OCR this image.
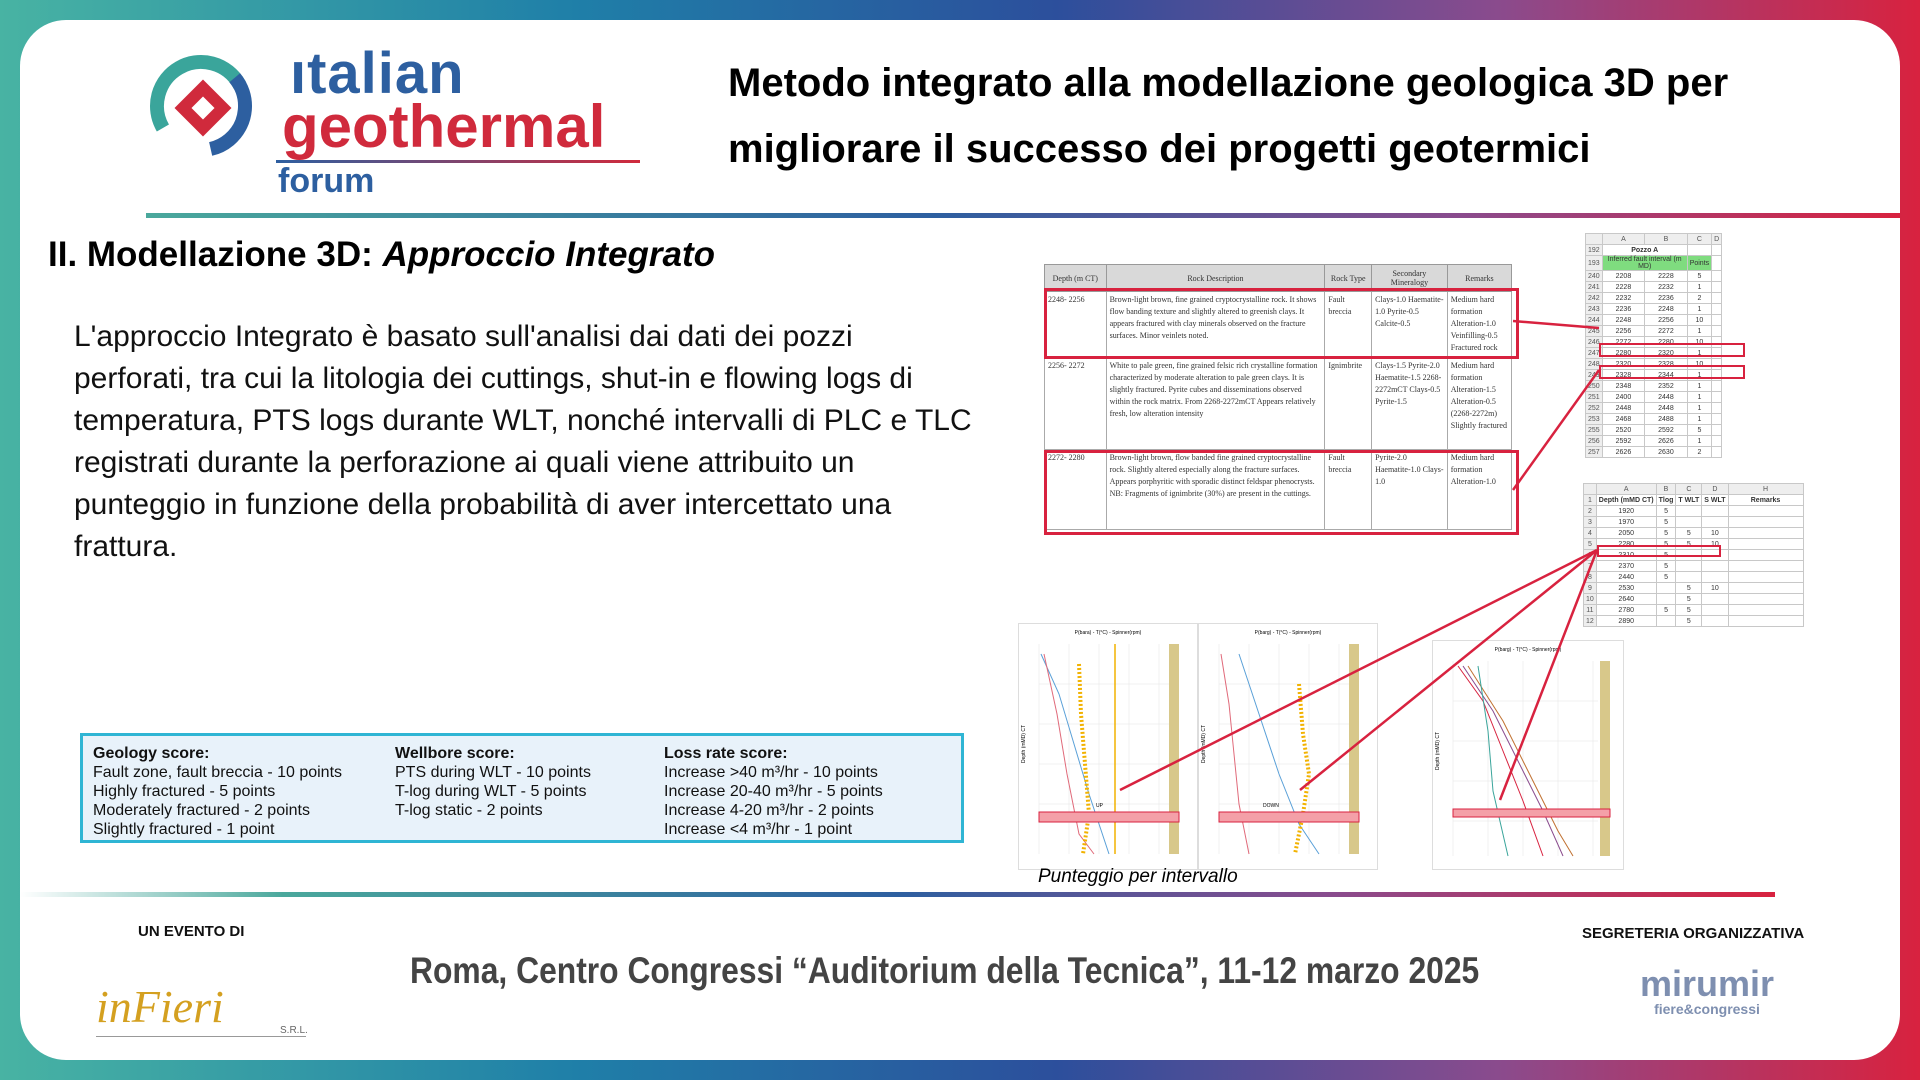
ıtalian
geothermal
forum
Metodo integrato alla modellazione geologica 3D per migliorare il successo dei progetti geotermici
II. Modellazione 3D: Approccio Integrato
L'approccio Integrato è basato sull'analisi dai dati dei pozzi perforati, tra cui la litologia dei cuttings, shut-in e flowing logs di temperatura, PTS logs durante WLT, nonché intervalli di PLC e TLC registrati durante la perforazione ai quali viene attribuito un punteggio in funzione della probabilità di aver intercettato una frattura.
Geology score:
Fault zone, fault breccia - 10 points
Highly fractured - 5 points
Moderately fractured - 2 points
Slightly fractured - 1 point
Wellbore score:
PTS during WLT - 10 points
T-log during WLT - 5 points
T-log static - 2 points
Loss rate score:
Increase >40 m³/hr - 10 points
Increase 20-40 m³/hr - 5 points
Increase 4-20 m³/hr - 2 points
Increase <4 m³/hr - 1 point
Depth (m CT)	Rock Description	Rock Type	Secondary Mineralogy	Remarks
2248- 2256	Brown-light brown, fine grained cryptocrystalline rock. It shows flow banding texture and slightly altered to greenish clays. It appears fractured with clay minerals observed on the fracture surfaces. Minor veinlets noted.	Fault breccia	Clays-1.0 Haematite-1.0 Pyrite-0.5 Calcite-0.5	Medium hard formation Alteration-1.0 Veinfilling-0.5 Fractured rock
2256- 2272	White to pale green, fine grained felsic rich crystalline formation characterized by moderate alteration to pale green clays. It is slightly fractured. Pyrite cubes and disseminations observed within the rock matrix. From 2268-2272mCT Appears relatively fresh, low alteration intensity	Ignimbrite	Clays-1.5 Pyrite-2.0 Haematite-1.5 2268-2272mCT Clays-0.5 Pyrite-1.5	Medium hard formation Alteration-1.5 Alteration-0.5 (2268-2272m) Slightly fractured
2272- 2280	Brown-light brown, flow banded fine grained cryptocrystalline rock. Slightly altered especially along the fracture surfaces. Appears porphyritic with sporadic distinct feldspar phenocrysts. NB: Fragments of ignimbrite (30%) are present in the cuttings.	Fault breccia	Pyrite-2.0 Haematite-1.0 Clays-1.0	Medium hard formation Alteration-1.0
	A	B	C	D
192	Pozzo A			
193	Inferred fault interval (m MD)		Points	
240	2208	2228	5	
241	2228	2232	1	
242	2232	2236	2	
243	2236	2248	1	
244	2248	2256	10	
245	2256	2272	1	
246	2272	2280	10	
247	2280	2320	1	
248	2320	2328	10	
249	2328	2344	1	
250	2348	2352	1	
251	2400	2448	1	
252	2448	2448	1	
253	2468	2488	1	
255	2520	2592	5	
256	2592	2626	1	
257	2626	2630	2	
	A	B	C	D	H
1	Depth (mMD CT)	Tlog	T WLT	S WLT	Remarks
2	1920	5			
3	1970	5			
4	2050	5	5	10	
5	2280	5	5	10	
6	2310	5			
7	2370	5			
8	2440	5			
9	2530		5	10	
10	2640		5		
11	2780	5	5		
12	2890		5		
P(bara) - T(°C) - Spinner(rpm)
Depth (mMD) CT
UP
P(barg) - T(°C) - Spinner(rpm)
Depth (mMD) CT
DOWN
P(barg) - T(°C) - Spinner(rpm)
Depth (mMD) CT
Punteggio per intervallo
UN EVENTO DI
inFieri	S.R.L.
Roma, Centro Congressi “Auditorium della Tecnica”, 11-12 marzo 2025
SEGRETERIA ORGANIZZATIVA
mirumir
fiere&congressi
